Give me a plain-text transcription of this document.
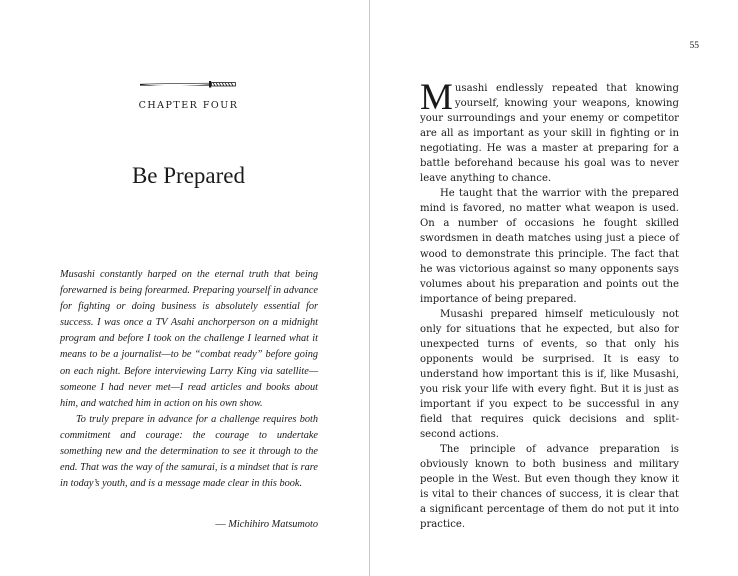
CHAPTER FOUR
Be Prepared

Musashi constantly harped on the eternal truth that being forewarned is being forearmed. Preparing yourself in advance for fighting or doing business is absolutely essential for success. I was once a TV Asahi anchorperson on a midnight program and before I took on the challenge I learned what it means to be a journalist—to be “combat ready” before going on each night. Before interviewing Larry King via satellite—someone I had never met—I read articles and books about him, and watched him in action on his own show.

To truly prepare in advance for a challenge requires both commitment and courage: the courage to undertake something new and the determination to see it through to the end. That was the way of the samurai, is a mindset that is rare in today’s youth, and is a message made clear in this book.

— Michihiro Matsumoto
55

Musashi endlessly repeated that knowing yourself, knowing your weapons, knowing your surroundings and your enemy or competitor are all as important as your skill in fighting or in negotiating. He was a master at preparing for a battle beforehand because his goal was to never leave anything to chance.

He taught that the warrior with the prepared mind is favored, no matter what weapon is used. On a number of occasions he fought skilled swordsmen in death matches using just a piece of wood to demonstrate this principle. The fact that he was victorious against so many opponents says volumes about his preparation and points out the importance of being prepared.

Musashi prepared himself meticulously not only for situations that he expected, but also for unexpected turns of events, so that only his opponents would be surprised. It is easy to understand how important this is if, like Musashi, you risk your life with every fight. But it is just as important if you expect to be successful in any field that requires quick decisions and split-second actions.

The principle of advance preparation is obviously known to both business and military people in the West. But even though they know it is vital to their chances of success, it is clear that a significant percentage of them do not put it into practice.
